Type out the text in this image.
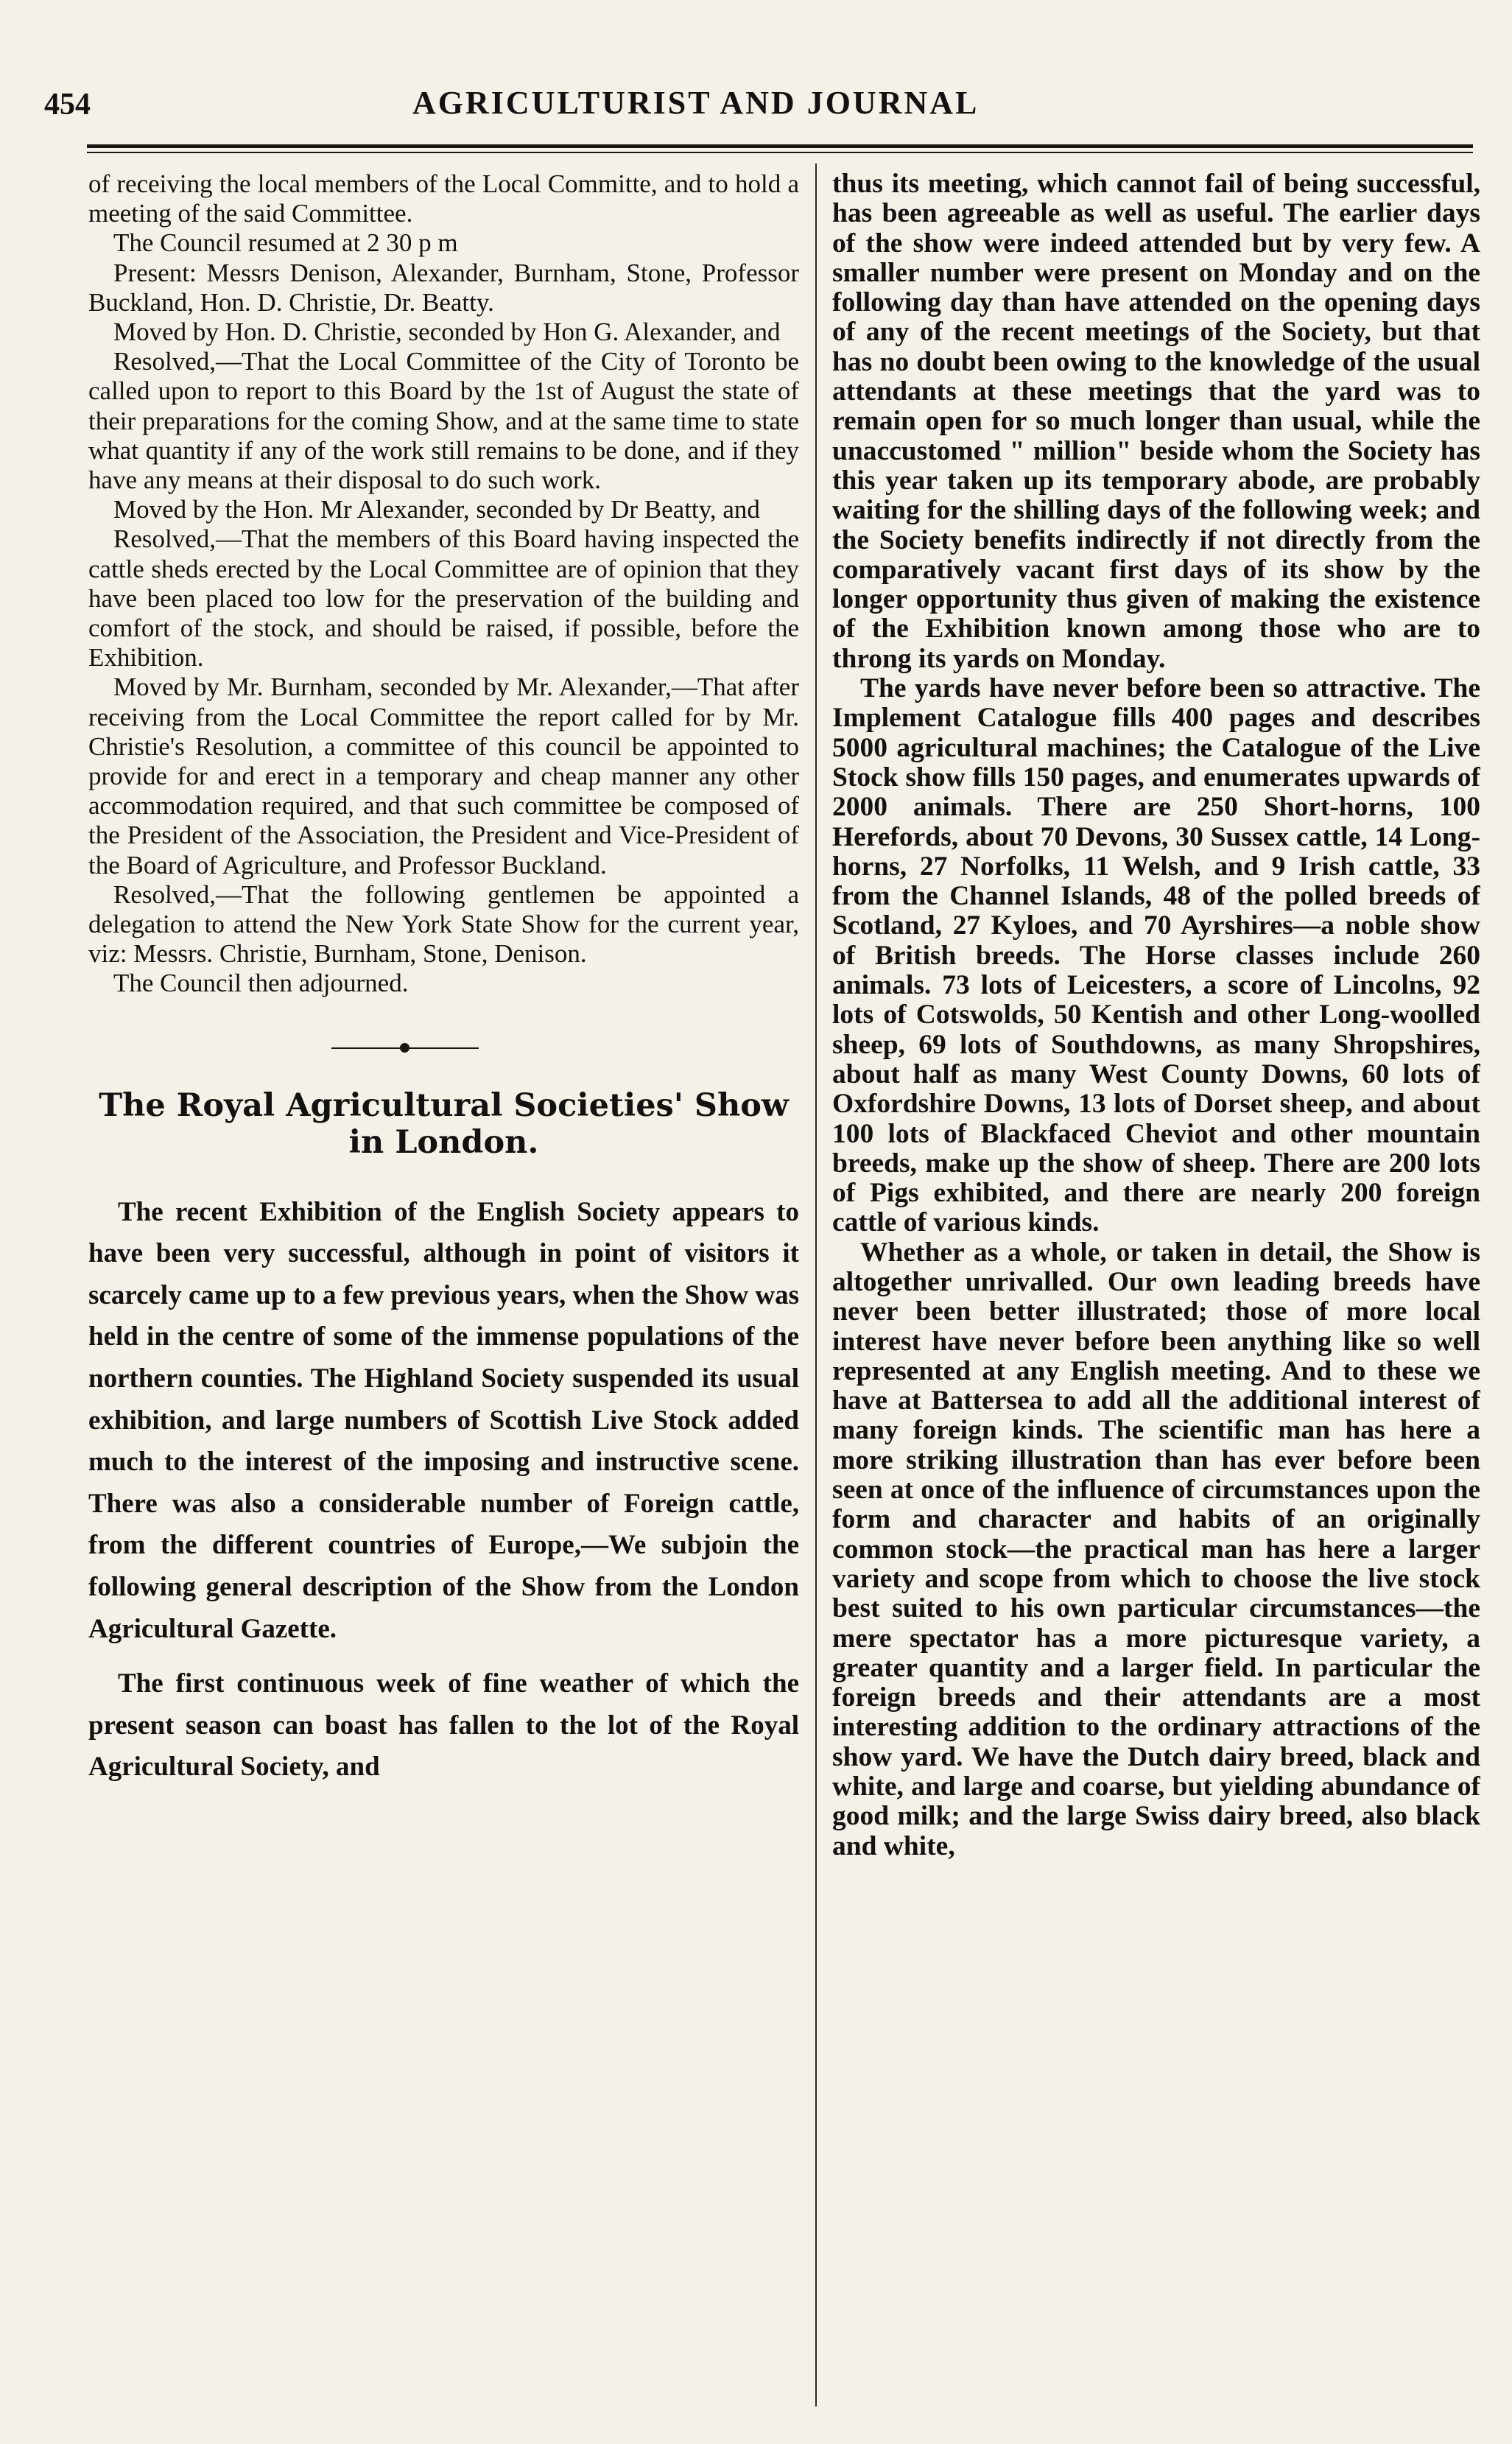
454	AGRICULTURIST AND JOURNAL

of receiving the local members of the Local Committe, and to hold a meeting of the said Committee.

The Council resumed at 2 30 p m

Present: Messrs Denison, Alexander, Burnham, Stone, Professor Buckland, Hon. D. Christie, Dr. Beatty.

Moved by Hon. D. Christie, seconded by Hon G. Alexander, and

Resolved,—That the Local Committee of the City of Toronto be called upon to report to this Board by the 1st of August the state of their preparations for the coming Show, and at the same time to state what quantity if any of the work still remains to be done, and if they have any means at their disposal to do such work.

Moved by the Hon. Mr Alexander, seconded by Dr Beatty, and

Resolved,—That the members of this Board having inspected the cattle sheds erected by the Local Committee are of opinion that they have been placed too low for the preservation of the building and comfort of the stock, and should be raised, if possible, before the Exhibition.

Moved by Mr. Burnham, seconded by Mr. Alexander,—That after receiving from the Local Committee the report called for by Mr. Christie's Resolution, a committee of this council be appointed to provide for and erect in a temporary and cheap manner any other accommodation required, and that such committee be composed of the President of the Association, the President and Vice-President of the Board of Agriculture, and Professor Buckland.

Resolved,—That the following gentlemen be appointed a delegation to attend the New York State Show for the current year, viz: Messrs. Christie, Burnham, Stone, Denison.

The Council then adjourned.

The Royal Agricultural Societies' Show in London.

The recent Exhibition of the English Society appears to have been very successful, although in point of visitors it scarcely came up to a few previous years, when the Show was held in the centre of some of the immense populations of the northern counties. The Highland Society suspended its usual exhibition, and large numbers of Scottish Live Stock added much to the interest of the imposing and instructive scene. There was also a considerable number of Foreign cattle, from the different countries of Europe,—We subjoin the following general description of the Show from the London Agricultural Gazette.

The first continuous week of fine weather of which the present season can boast has fallen to the lot of the Royal Agricultural Society, and

thus its meeting, which cannot fail of being successful, has been agreeable as well as useful. The earlier days of the show were indeed attended but by very few. A smaller number were present on Monday and on the following day than have attended on the opening days of any of the recent meetings of the Society, but that has no doubt been owing to the knowledge of the usual attendants at these meetings that the yard was to remain open for so much longer than usual, while the unaccustomed " million" beside whom the Society has this year taken up its temporary abode, are probably waiting for the shilling days of the following week; and the Society benefits indirectly if not directly from the comparatively vacant first days of its show by the longer opportunity thus given of making the existence of the Exhibition known among those who are to throng its yards on Monday.

The yards have never before been so attractive. The Implement Catalogue fills 400 pages and describes 5000 agricultural machines; the Catalogue of the Live Stock show fills 150 pages, and enumerates upwards of 2000 animals. There are 250 Short-horns, 100 Herefords, about 70 Devons, 30 Sussex cattle, 14 Long-horns, 27 Norfolks, 11 Welsh, and 9 Irish cattle, 33 from the Channel Islands, 48 of the polled breeds of Scotland, 27 Kyloes, and 70 Ayrshires—a noble show of British breeds. The Horse classes include 260 animals. 73 lots of Leicesters, a score of Lincolns, 92 lots of Cotswolds, 50 Kentish and other Long-woolled sheep, 69 lots of Southdowns, as many Shropshires, about half as many West County Downs, 60 lots of Oxfordshire Downs, 13 lots of Dorset sheep, and about 100 lots of Blackfaced Cheviot and other mountain breeds, make up the show of sheep. There are 200 lots of Pigs exhibited, and there are nearly 200 foreign cattle of various kinds.

Whether as a whole, or taken in detail, the Show is altogether unrivalled. Our own leading breeds have never been better illustrated; those of more local interest have never before been anything like so well represented at any English meeting. And to these we have at Battersea to add all the additional interest of many foreign kinds. The scientific man has here a more striking illustration than has ever before been seen at once of the influence of circumstances upon the form and character and habits of an originally common stock—the practical man has here a larger variety and scope from which to choose the live stock best suited to his own particular circumstances—the mere spectator has a more picturesque variety, a greater quantity and a larger field. In particular the foreign breeds and their attendants are a most interesting addition to the ordinary attractions of the show yard. We have the Dutch dairy breed, black and white, and large and coarse, but yielding abundance of good milk; and the large Swiss dairy breed, also black and white,
